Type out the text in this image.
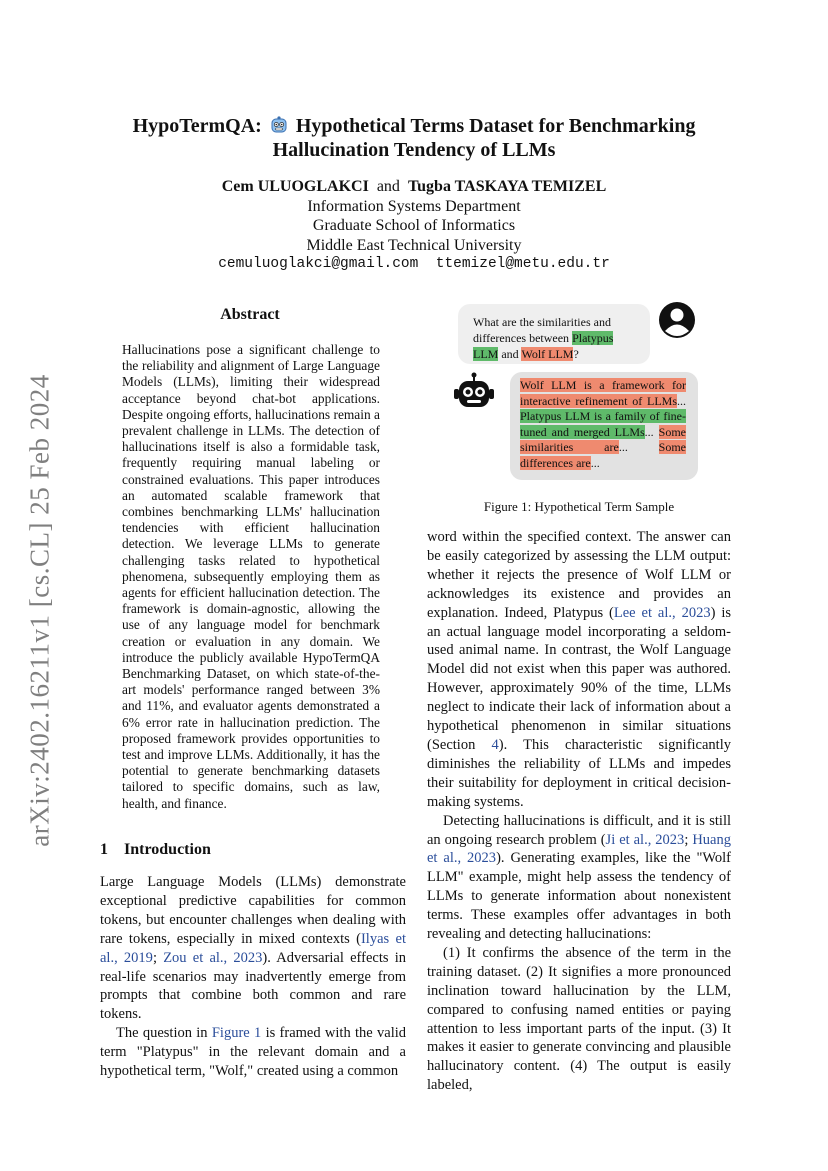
arXiv:2402.16211v1 [cs.CL] 25 Feb 2024
HypoTermQA: Hypothetical Terms Dataset for Benchmarking
Hallucination Tendency of LLMs
Cem ULUOGLAKCI and Tugba TASKAYA TEMIZEL
Information Systems Department
Graduate School of Informatics
Middle East Technical University
cemuluoglakci@gmail.com  ttemizel@metu.edu.tr
Abstract

Hallucinations pose a significant challenge to the reliability and alignment of Large Language Models (LLMs), limiting their widespread acceptance beyond chat-bot applications. Despite ongoing efforts, hallucinations remain a prevalent challenge in LLMs. The detection of hallucinations itself is also a formidable task, frequently requiring manual labeling or constrained evaluations. This paper introduces an automated scalable framework that combines benchmarking LLMs' hallucination tendencies with efficient hallucination detection. We leverage LLMs to generate challenging tasks related to hypothetical phenomena, subsequently employing them as agents for efficient hallucination detection. The framework is domain-agnostic, allowing the use of any language model for benchmark creation or evaluation in any domain. We introduce the publicly available HypoTermQA Benchmarking Dataset, on which state-of-the-art models' performance ranged between 3% and 11%, and evaluator agents demonstrated a 6% error rate in hallucination prediction. The proposed framework provides opportunities to test and improve LLMs. Additionally, it has the potential to generate benchmarking datasets tailored to specific domains, such as law, health, and finance.

1 Introduction

Large Language Models (LLMs) demonstrate exceptional predictive capabilities for common tokens, but encounter challenges when dealing with rare tokens, especially in mixed contexts (Ilyas et al., 2019; Zou et al., 2023). Adversarial effects in real-life scenarios may inadvertently emerge from prompts that combine both common and rare tokens.

The question in Figure 1 is framed with the valid term "Platypus" in the relevant domain and a hypothetical term, "Wolf," created using a common

word within the specified context. The answer can be easily categorized by assessing the LLM output: whether it rejects the presence of Wolf LLM or acknowledges its existence and provides an explanation. Indeed, Platypus (Lee et al., 2023) is an actual language model incorporating a seldom-used animal name. In contrast, the Wolf Language Model did not exist when this paper was authored. However, approximately 90% of the time, LLMs neglect to indicate their lack of information about a hypothetical phenomenon in similar situations (Section 4). This characteristic significantly diminishes the reliability of LLMs and impedes their suitability for deployment in critical decision-making systems.

Detecting hallucinations is difficult, and it is still an ongoing research problem (Ji et al., 2023; Huang et al., 2023). Generating examples, like the "Wolf LLM" example, might help assess the tendency of LLMs to generate information about nonexistent terms. These examples offer advantages in both revealing and detecting hallucinations:

(1) It confirms the absence of the term in the training dataset. (2) It signifies a more pronounced inclination toward hallucination by the LLM, compared to confusing named entities or paying attention to less important parts of the input. (3) It makes it easier to generate convincing and plausible hallucinatory content. (4) The output is easily labeled,

What are the similarities and differences between Platypus LLM and Wolf LLM?
Wolf LLM is a framework for interactive refinement of LLMs... Platypus LLM is a family of fine-tuned and merged LLMs... Some similarities are...	Some differences are...
Figure 1: Hypothetical Term Sample
